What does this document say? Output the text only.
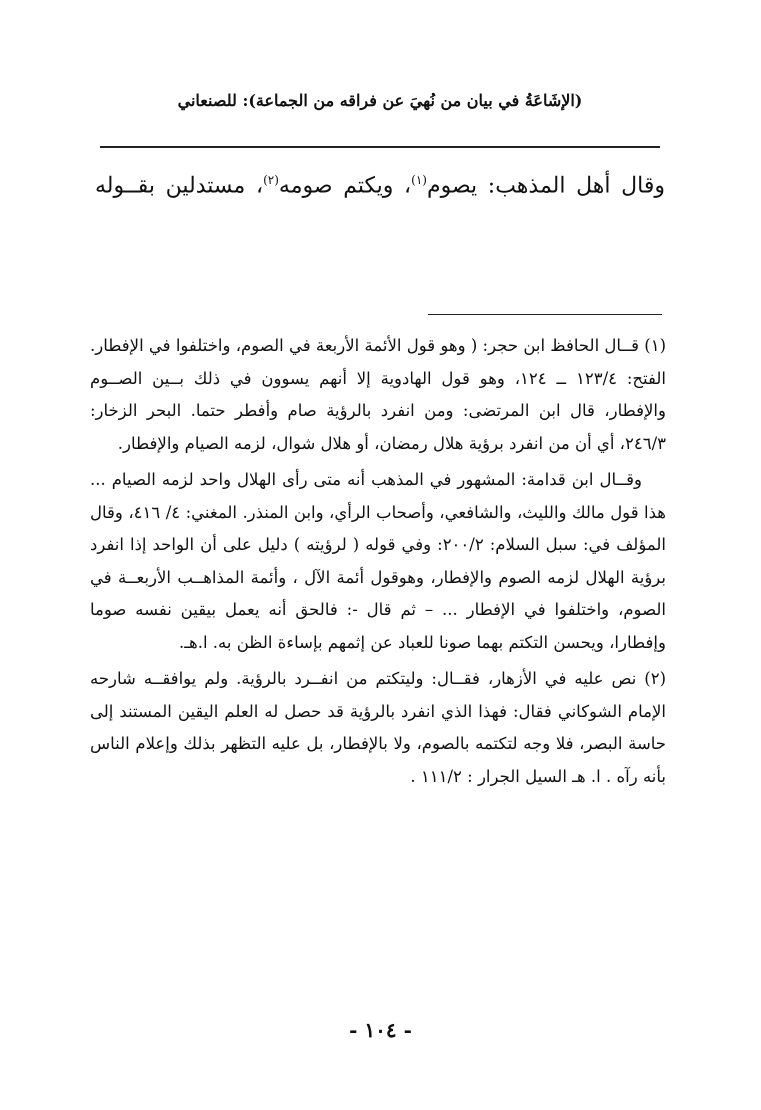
(الإشَاعَةُ في بيان من نُهيَ عن فراقه من الجماعة): للصنعاني
وقال أهل المذهب: يصوم$^{(١)}$، ويكتم صومه$^{(٢)}$، مستدلين بقــوله

(١) قــال الحافظ ابن حجر: ( وهو قول الأئمة الأربعة في الصوم، واختلفوا في الإفطار. الفتح: ١٢٣/٤ ــ ١٢٤، وهو قول الهادوية إلا أنهم يسوون في ذلك بــين الصــوم والإفطار، قال ابن المرتضى: ومن انفرد بالرؤية صام وأفطر حتما. البحر الزخار: ٢٤٦/٣، أي أن من انفرد برؤية هلال رمضان، أو هلال شوال، لزمه الصيام والإفطار.

وقــال ابن قدامة: المشهور في المذهب أنه متى رأى الهلال واحد لزمه الصيام ... هذا قول مالك والليث، والشافعي، وأصحاب الرأي، وابن المنذر. المغني: ٤/ ٤١٦، وقال المؤلف في: سبل السلام: ٢٠٠/٢: وفي قوله ( لرؤيته ) دليل على أن الواحد إذا انفرد برؤية الهلال لزمه الصوم والإفطار، وهوقول أئمة الآل ، وأئمة المذاهــب الأربعــة في الصوم، واختلفوا في الإفطار ... – ثم قال -: فالحق أنه يعمل بيقين نفسه صوما وإفطارا، ويحسن التكتم بهما صونا للعباد عن إثمهم بإساءة الظن به. ا.هـ.

(٢) نص عليه في الأزهار، فقــال: وليتكتم من انفــرد بالرؤية. ولم يوافقــه شارحه الإمام الشوكاني فقال: فهذا الذي انفرد بالرؤية قد حصل له العلم اليقين المستند إلى حاسة البصر، فلا وجه لتكتمه بالصوم، ولا بالإفطار، بل عليه التظهر بذلك وإعلام الناس بأنه رآه . ا. هـ السيل الجرار : ١١١/٢ .

- ١٠٤ -
